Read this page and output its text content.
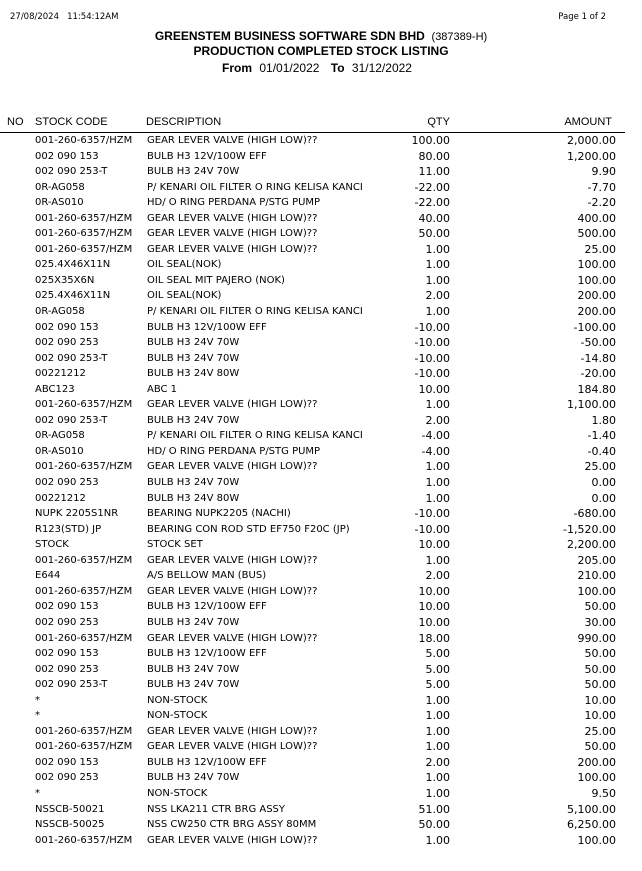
27/08/2024 11:54:12AM	Page 1 of 2
GREENSTEM BUSINESS SOFTWARE SDN BHD (387389-H)
PRODUCTION COMPLETED STOCK LISTING
From 01/01/2022 To 31/12/2022
NO STOCK CODE	DESCRIPTION	QTY	AMOUNT
001-260-6357/HZM GEAR LEVER VALVE (HIGH LOW)??	100.00	2,000.00
002 090 153	BULB H3 12V/100W EFF	80.00	1,200.00
002 090 253-T	BULB H3 24V 70W	11.00	9.90
0R-AG058	P/ KENARI OIL FILTER O RING KELISA KANCI	-22.00	-7.70
0R-AS010	HD/ O RING PERDANA P/STG PUMP	-22.00	-2.20
001-260-6357/HZM GEAR LEVER VALVE (HIGH LOW)??	40.00	400.00
001-260-6357/HZM GEAR LEVER VALVE (HIGH LOW)??	50.00	500.00
001-260-6357/HZM GEAR LEVER VALVE (HIGH LOW)??	1.00	25.00
025.4X46X11N	OIL SEAL(NOK)	1.00	100.00
025X35X6N	OIL SEAL MIT PAJERO (NOK)	1.00	100.00
025.4X46X11N	OIL SEAL(NOK)	2.00	200.00
0R-AG058	P/ KENARI OIL FILTER O RING KELISA KANCI	1.00	200.00
002 090 153	BULB H3 12V/100W EFF	-10.00	-100.00
002 090 253	BULB H3 24V 70W	-10.00	-50.00
002 090 253-T	BULB H3 24V 70W	-10.00	-14.80
00221212	BULB H3 24V 80W	-10.00	-20.00
ABC123	ABC 1	10.00	184.80
001-260-6357/HZM GEAR LEVER VALVE (HIGH LOW)??	1.00	1,100.00
002 090 253-T	BULB H3 24V 70W	2.00	1.80
0R-AG058	P/ KENARI OIL FILTER O RING KELISA KANCI	-4.00	-1.40
0R-AS010	HD/ O RING PERDANA P/STG PUMP	-4.00	-0.40
001-260-6357/HZM GEAR LEVER VALVE (HIGH LOW)??	1.00	25.00
002 090 253	BULB H3 24V 70W	1.00	0.00
00221212	BULB H3 24V 80W	1.00	0.00
NUPK 2205S1NR	BEARING NUPK2205 (NACHI)	-10.00	-680.00
R123(STD) JP	BEARING CON ROD STD EF750 F20C (JP)	-10.00	-1,520.00
STOCK	STOCK SET	10.00	2,200.00
001-260-6357/HZM GEAR LEVER VALVE (HIGH LOW)??	1.00	205.00
E644	A/S BELLOW MAN (BUS)	2.00	210.00
001-260-6357/HZM GEAR LEVER VALVE (HIGH LOW)??	10.00	100.00
002 090 153	BULB H3 12V/100W EFF	10.00	50.00
002 090 253	BULB H3 24V 70W	10.00	30.00
001-260-6357/HZM GEAR LEVER VALVE (HIGH LOW)??	18.00	990.00
002 090 153	BULB H3 12V/100W EFF	5.00	50.00
002 090 253	BULB H3 24V 70W	5.00	50.00
002 090 253-T	BULB H3 24V 70W	5.00	50.00
*	NON-STOCK	1.00	10.00
*	NON-STOCK	1.00	10.00
001-260-6357/HZM GEAR LEVER VALVE (HIGH LOW)??	1.00	25.00
001-260-6357/HZM GEAR LEVER VALVE (HIGH LOW)??	1.00	50.00
002 090 153	BULB H3 12V/100W EFF	2.00	200.00
002 090 253	BULB H3 24V 70W	1.00	100.00
*	NON-STOCK	1.00	9.50
NSSCB-50021	NSS LKA211 CTR BRG ASSY	51.00	5,100.00
NSSCB-50025	NSS CW250 CTR BRG ASSY 80MM	50.00	6,250.00
001-260-6357/HZM GEAR LEVER VALVE (HIGH LOW)??	1.00	100.00
